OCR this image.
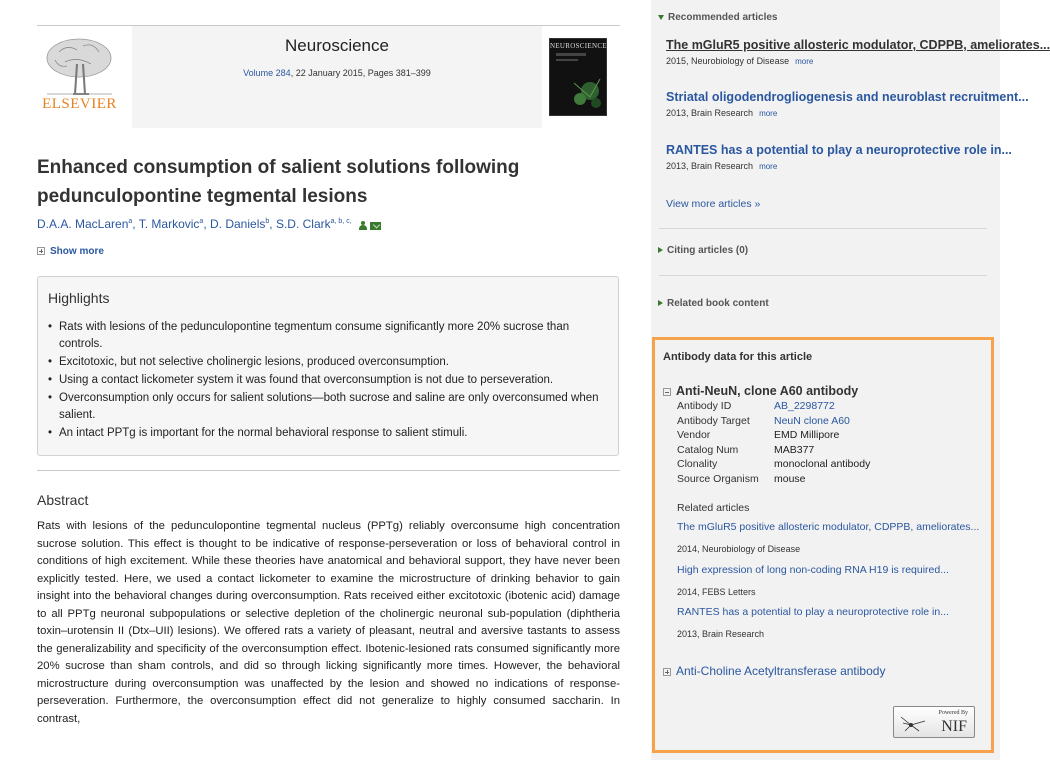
ELSEVIER
Neuroscience
Volume 284, 22 January 2015, Pages 381–399
NEUROSCIENCE
Enhanced consumption of salient solutions following pedunculopontine tegmental lesions
D.A.A. MacLaren$^a$, T. Markovic$^a$, D. Daniels$^b$, S.D. Clark$^{a, b, c,}$
Show more
Highlights
• Rats with lesions of the pedunculopontine tegmentum consume significantly more 20% sucrose than controls.
• Excitotoxic, but not selective cholinergic lesions, produced overconsumption.
• Using a contact lickometer system it was found that overconsumption is not due to perseveration.
• Overconsumption only occurs for salient solutions—both sucrose and saline are only overconsumed when salient.
• An intact PPTg is important for the normal behavioral response to salient stimuli.
Abstract
Rats with lesions of the pedunculopontine tegmental nucleus (PPTg) reliably overconsume high concentration sucrose solution. This effect is thought to be indicative of response-perseveration or loss of behavioral control in conditions of high excitement. While these theories have anatomical and behavioral support, they have never been explicitly tested. Here, we used a contact lickometer to examine the microstructure of drinking behavior to gain insight into the behavioral changes during overconsumption. Rats received either excitotoxic (ibotenic acid) damage to all PPTg neuronal subpopulations or selective depletion of the cholinergic neuronal sub-population (diphtheria toxin–urotensin II (Dtx–UII) lesions). We offered rats a variety of pleasant, neutral and aversive tastants to assess the generalizability and specificity of the overconsumption effect. Ibotenic-lesioned rats consumed significantly more 20% sucrose than sham controls, and did so through licking significantly more times. However, the behavioral microstructure during overconsumption was unaffected by the lesion and showed no indications of response-perseveration. Furthermore, the overconsumption effect did not generalize to highly consumed saccharin. In contrast,
Recommended articles
The mGluR5 positive allosteric modulator, CDPPB, ameliorates...
2015, Neurobiology of Disease more
Striatal oligodendrogliogenesis and neuroblast recruitment...
2013, Brain Research more
RANTES has a potential to play a neuroprotective role in...
2013, Brain Research more
View more articles »
Citing articles (0)
Related book content
Antibody data for this article
Anti-NeuN, clone A60 antibody
Antibody ID	AB_2298772
Antibody Target	NeuN clone A60
Vendor	EMD Millipore
Catalog Num	MAB377
Clonality	monoclonal antibody
Source Organism	mouse
Related articles
The mGluR5 positive allosteric modulator, CDPPB, ameliorates...
2014, Neurobiology of Disease
High expression of long non-coding RNA H19 is required...
2014, FEBS Letters
RANTES has a potential to play a neuroprotective role in...
2013, Brain Research
Anti-Choline Acetyltransferase antibody
Powered By
NIF
